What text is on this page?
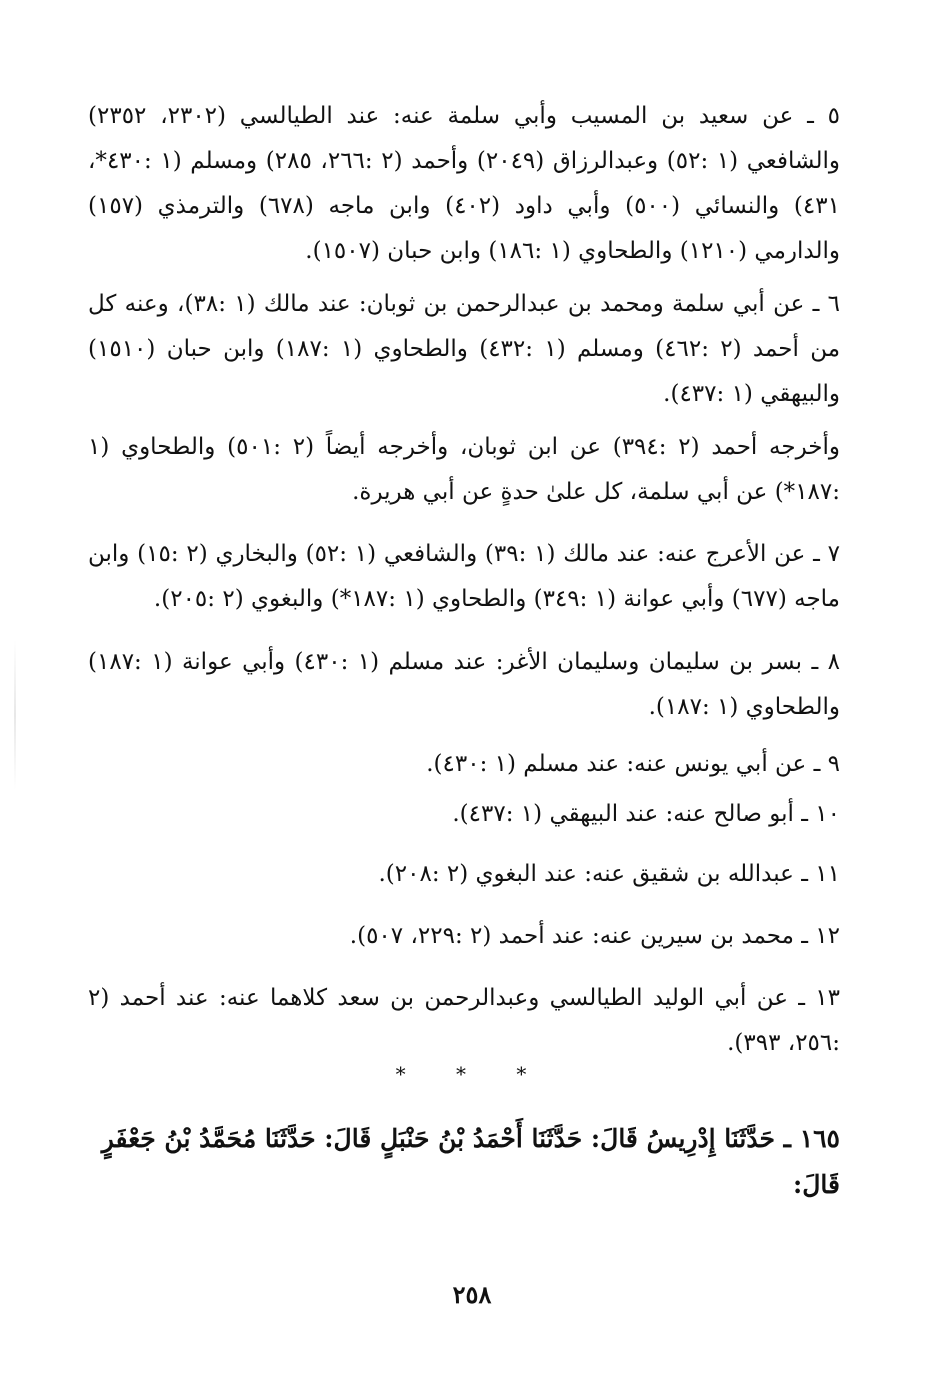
٥ ـ عن سعيد بن المسيب وأبي سلمة عنه: عند الطيالسي (٢٣٠٢، ٢٣٥٢) والشافعي (١ :٥٢) وعبدالرزاق (٢٠٤٩) وأحمد (٢ :٢٦٦، ٢٨٥) ومسلم (١ :٤٣٠*، ٤٣١) والنسائي (٥٠٠) وأبي داود (٤٠٢) وابن ماجه (٦٧٨) والترمذي (١٥٧) والدارمي (١٢١٠) والطحاوي (١ :١٨٦) وابن حبان (١٥٠٧).

٦ ـ عن أبي سلمة ومحمد بن عبدالرحمن بن ثوبان: عند مالك (١ :٣٨)، وعنه كل من أحمد (٢ :٤٦٢) ومسلم (١ :٤٣٢) والطحاوي (١ :١٨٧) وابن حبان (١٥١٠) والبيهقي (١ :٤٣٧).

وأخرجه أحمد (٢ :٣٩٤) عن ابن ثوبان، وأخرجه أيضاً (٢ :٥٠١) والطحاوي (١ :١٨٧*) عن أبي سلمة، كل علىٰ حدةٍ عن أبي هريرة.

٧ ـ عن الأعرج عنه: عند مالك (١ :٣٩) والشافعي (١ :٥٢) والبخاري (٢ :١٥) وابن ماجه (٦٧٧) وأبي عوانة (١ :٣٤٩) والطحاوي (١ :١٨٧*) والبغوي (٢ :٢٠٥).

٨ ـ بسر بن سليمان وسليمان الأغر: عند مسلم (١ :٤٣٠) وأبي عوانة (١ :١٨٧) والطحاوي (١ :١٨٧).

٩ ـ عن أبي يونس عنه: عند مسلم (١ :٤٣٠).

١٠ ـ أبو صالح عنه: عند البيهقي (١ :٤٣٧).

١١ ـ عبدالله بن شقيق عنه: عند البغوي (٢ :٢٠٨).

١٢ ـ محمد بن سيرين عنه: عند أحمد (٢ :٢٢٩، ٥٠٧).

١٣ ـ عن أبي الوليد الطيالسي وعبدالرحمن بن سعد كلاهما عنه: عند أحمد (٢ :٢٥٦، ٣٩٣).

* * *
١٦٥ ـ حَدَّثَنَا إِدْرِيسُ قَالَ: حَدَّثَنَا أَحْمَدُ بْنُ حَنْبَلٍ قَالَ: حَدَّثَنَا مُحَمَّدُ بْنُ جَعْفَرٍ قَالَ:
٢٥٨
